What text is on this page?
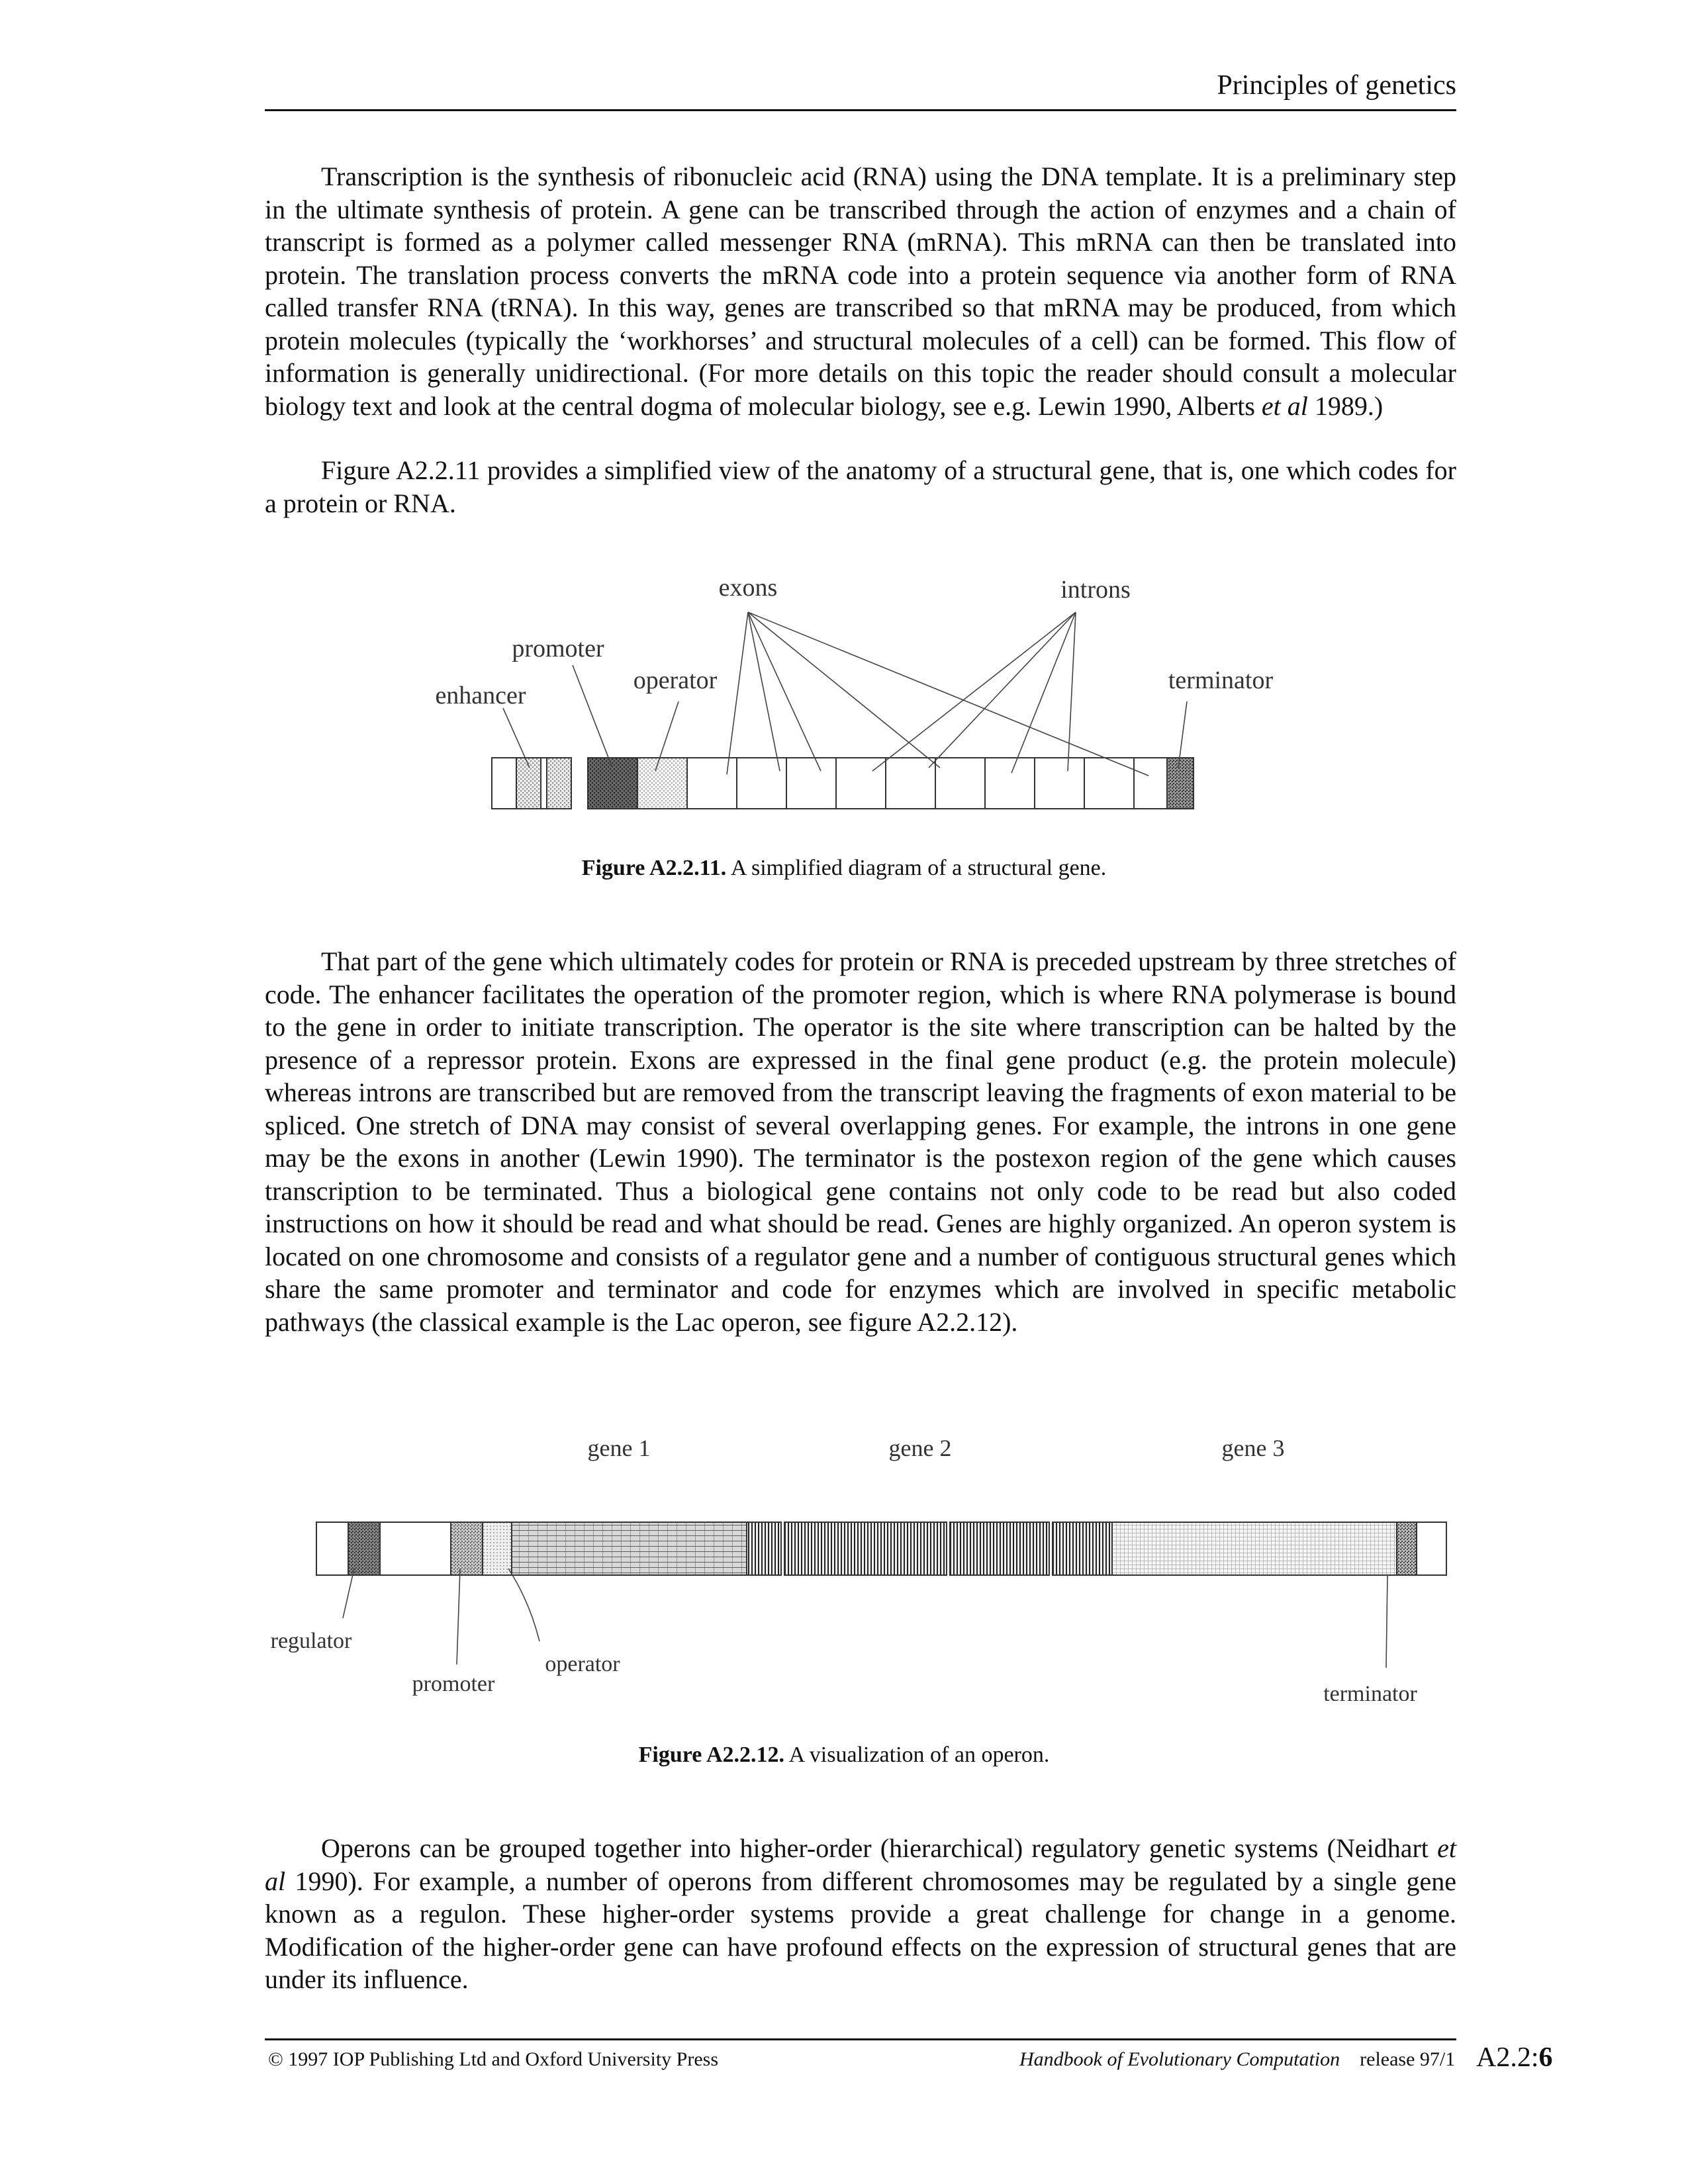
Principles of genetics

Transcription is the synthesis of ribonucleic acid (RNA) using the DNA template. It is a preliminary step in the ultimate synthesis of protein. A gene can be transcribed through the action of enzymes and a chain of transcript is formed as a polymer called messenger RNA (mRNA). This mRNA can then be translated into protein. The translation process converts the mRNA code into a protein sequence via another form of RNA called transfer RNA (tRNA). In this way, genes are transcribed so that mRNA may be produced, from which protein molecules (typically the ‘workhorses’ and structural molecules of a cell) can be formed. This flow of information is generally unidirectional. (For more details on this topic the reader should consult a molecular biology text and look at the central dogma of molecular biology, see e.g. Lewin 1990, Alberts et al 1989.)

Figure A2.2.11 provides a simplified view of the anatomy of a structural gene, that is, one which codes for a protein or RNA.

exons	introns
promoter
enhancer
operator	terminator
Figure A2.2.11. A simplified diagram of a structural gene.

That part of the gene which ultimately codes for protein or RNA is preceded upstream by three stretches of code. The enhancer facilitates the operation of the promoter region, which is where RNA polymerase is bound to the gene in order to initiate transcription. The operator is the site where transcription can be halted by the presence of a repressor protein. Exons are expressed in the final gene product (e.g. the protein molecule) whereas introns are transcribed but are removed from the transcript leaving the fragments of exon material to be spliced. One stretch of DNA may consist of several overlapping genes. For example, the introns in one gene may be the exons in another (Lewin 1990). The terminator is the postexon region of the gene which causes transcription to be terminated. Thus a biological gene contains not only code to be read but also coded instructions on how it should be read and what should be read. Genes are highly organized. An operon system is located on one chromosome and consists of a regulator gene and a number of contiguous structural genes which share the same promoter and terminator and code for enzymes which are involved in specific metabolic pathways (the classical example is the Lac operon, see figure A2.2.12).

gene 1	gene 2	gene 3
regulator
promoter
operator
terminator
Figure A2.2.12. A visualization of an operon.

Operons can be grouped together into higher-order (hierarchical) regulatory genetic systems (Neidhart et al 1990). For example, a number of operons from different chromosomes may be regulated by a single gene known as a regulon. These higher-order systems provide a great challenge for change in a genome. Modification of the higher-order gene can have profound effects on the expression of structural genes that are under its influence.

© 1997 IOP Publishing Ltd and Oxford University Press	Handbook of Evolutionary Computation release 97/1 A2.2:6
